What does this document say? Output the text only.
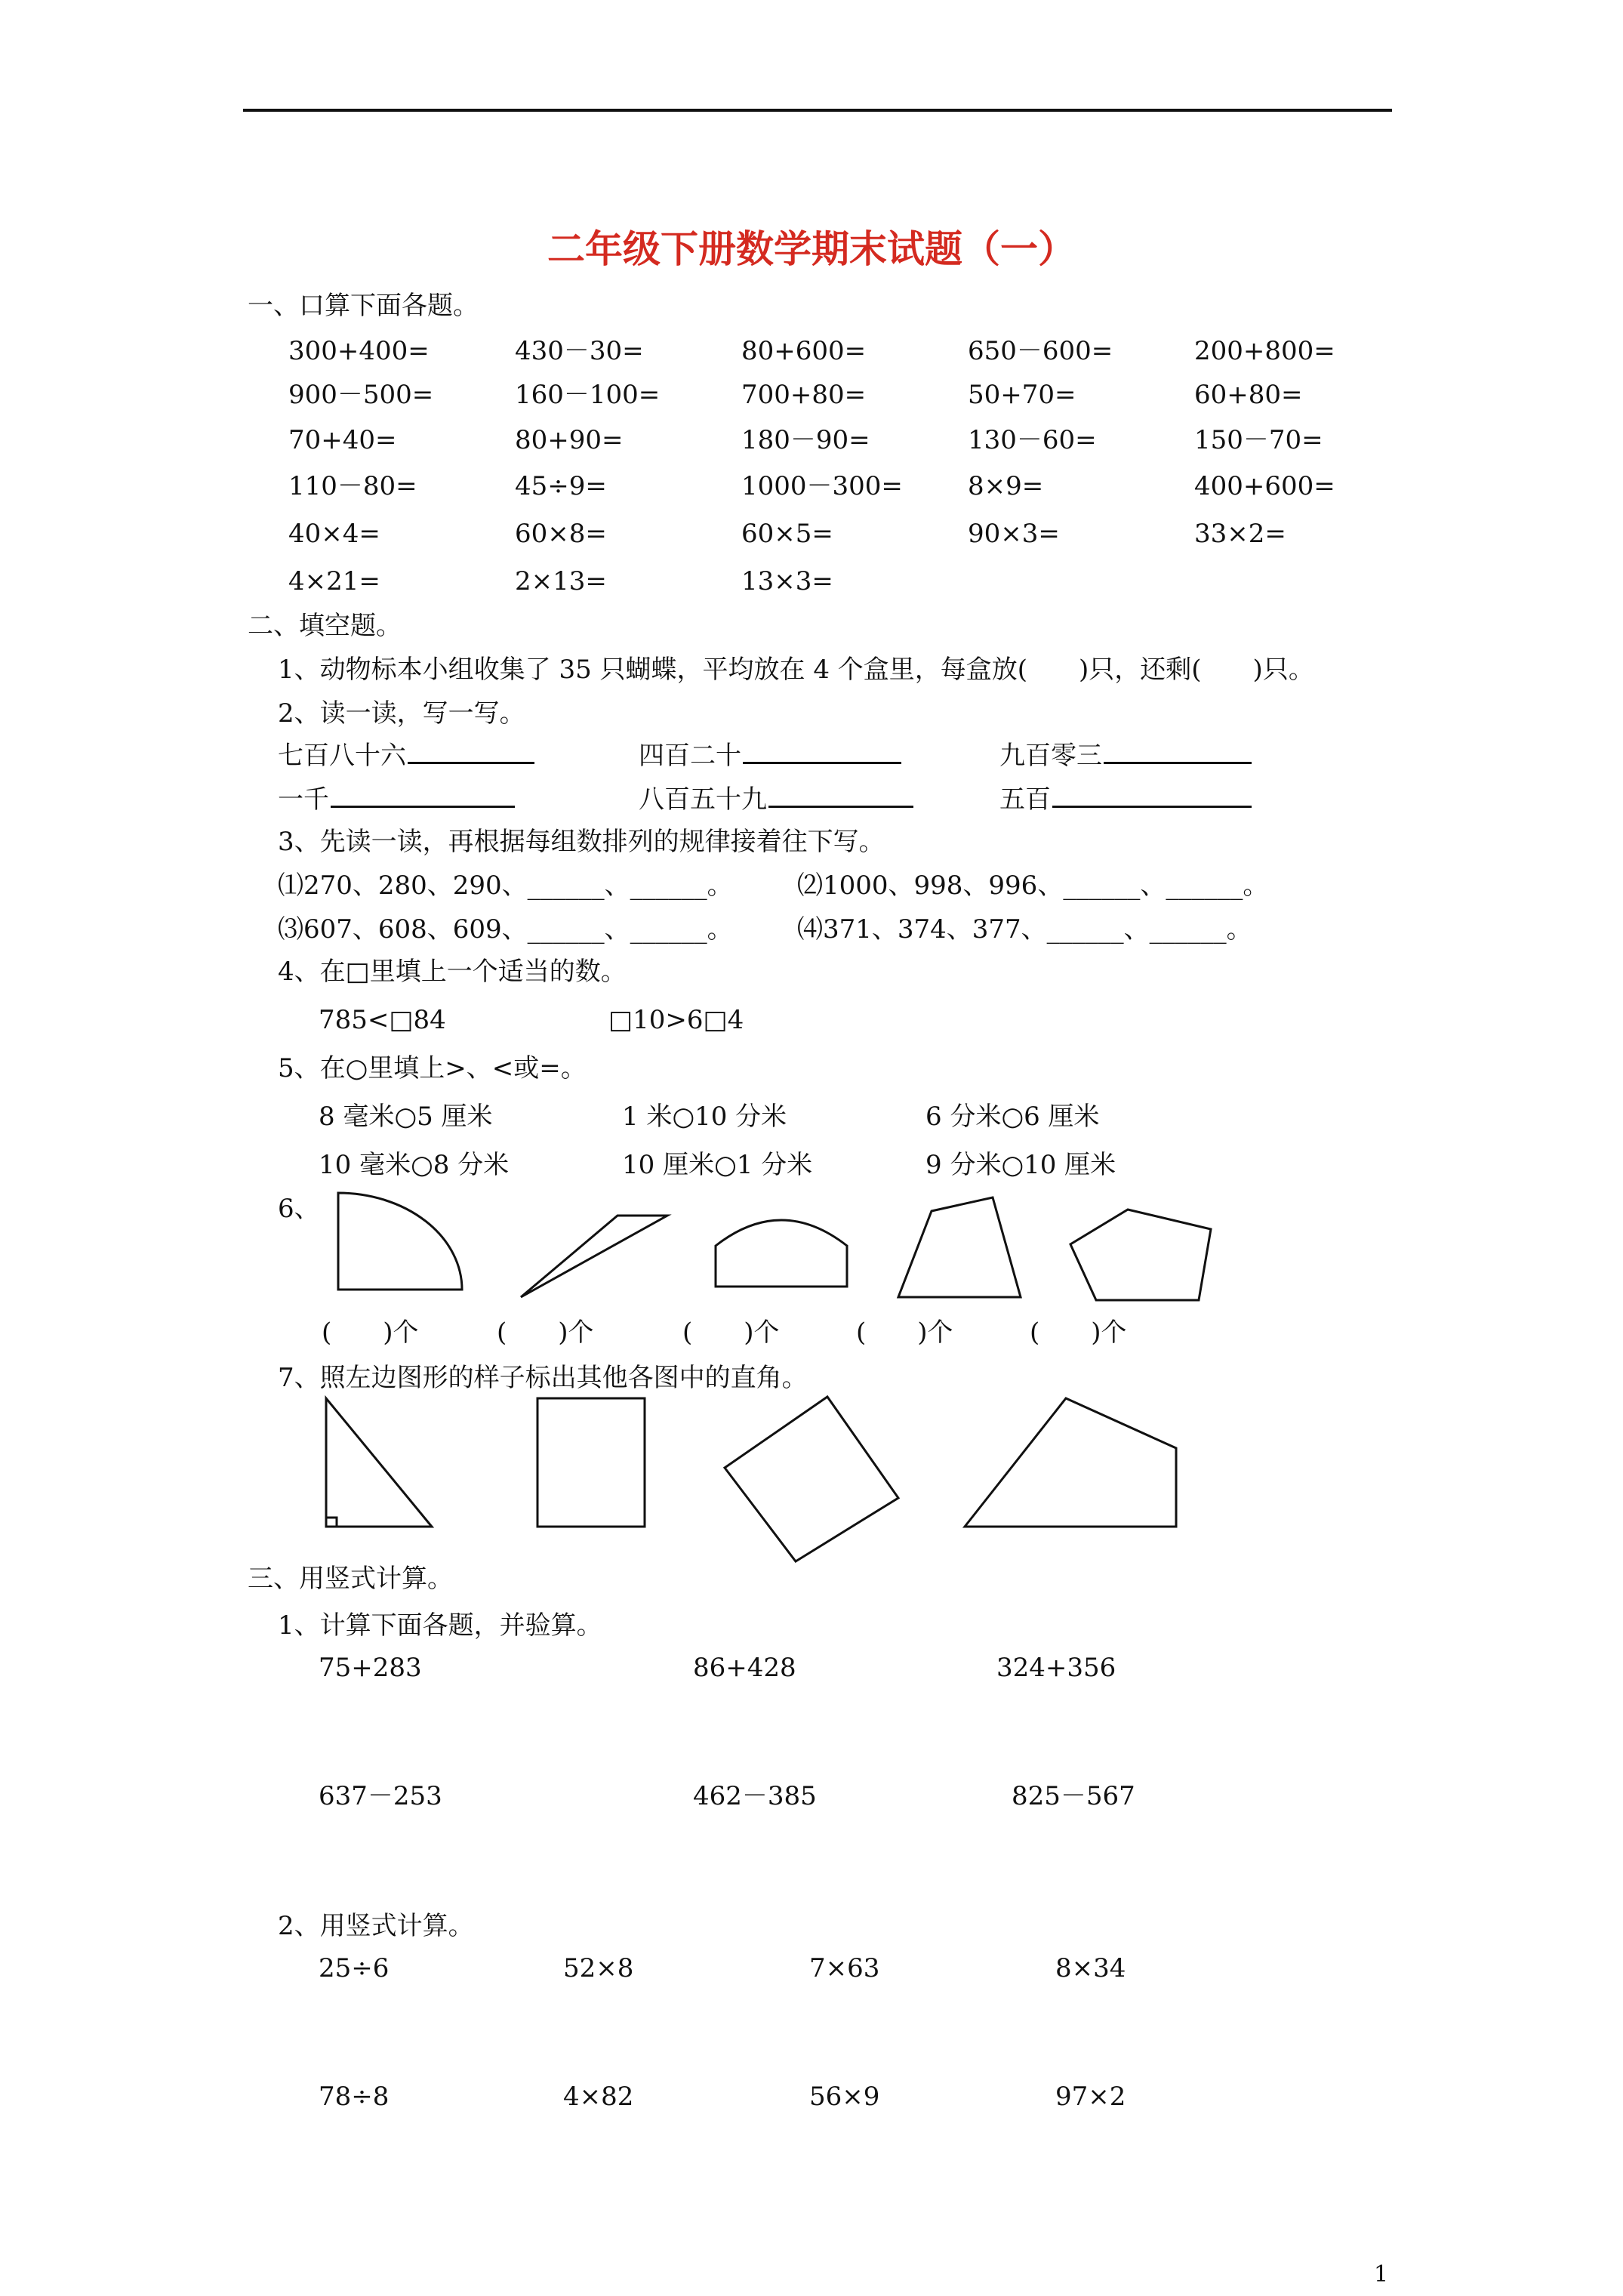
二年级下册数学期末试题（一）
一、口算下面各题。
300+400=	430－30=	80+600=	650－600=	200+800=
900－500=	160－100=	700+80=	50+70=	60+80=
70+40=	80+90=	180－90=	130－60=	150－70=
110－80=	45÷9=	1000－300=	8×9=	400+600=
40×4=	60×8=	60×5=	90×3=	33×2=
4×21=	2×13=	13×3=
二、填空题。
1、动物标本小组收集了 35 只蝴蝶，平均放在 4 个盒里，每盒放(　　)只，还剩(　　)只。
2、读一读，写一写。
七百八十六	四百二十	九百零三
一千	八百五十九	五百
3、先读一读，再根据每组数排列的规律接着往下写。
⑴270、280、290、______、______。	⑵1000、998、996、______、______。
⑶607、608、609、______、______。	⑷371、374、377、______、______。
4、在□里填上一个适当的数。
785<□84	□10>6□4
5、在○里填上>、<或=。
8 毫米○5 厘米	1 米○10 分米	6 分米○6 厘米
10 毫米○8 分米	10 厘米○1 分米	9 分米○10 厘米
6、
(　　)个	(　　)个	(　　)个	(　　)个	(　　)个
7、照左边图形的样子标出其他各图中的直角。
三、用竖式计算。
1、计算下面各题，并验算。
75+283	86+428	324+356
637－253	462－385	825－567
2、用竖式计算。
25÷6	52×8	7×63	8×34
78÷8	4×82	56×9	97×2
1
